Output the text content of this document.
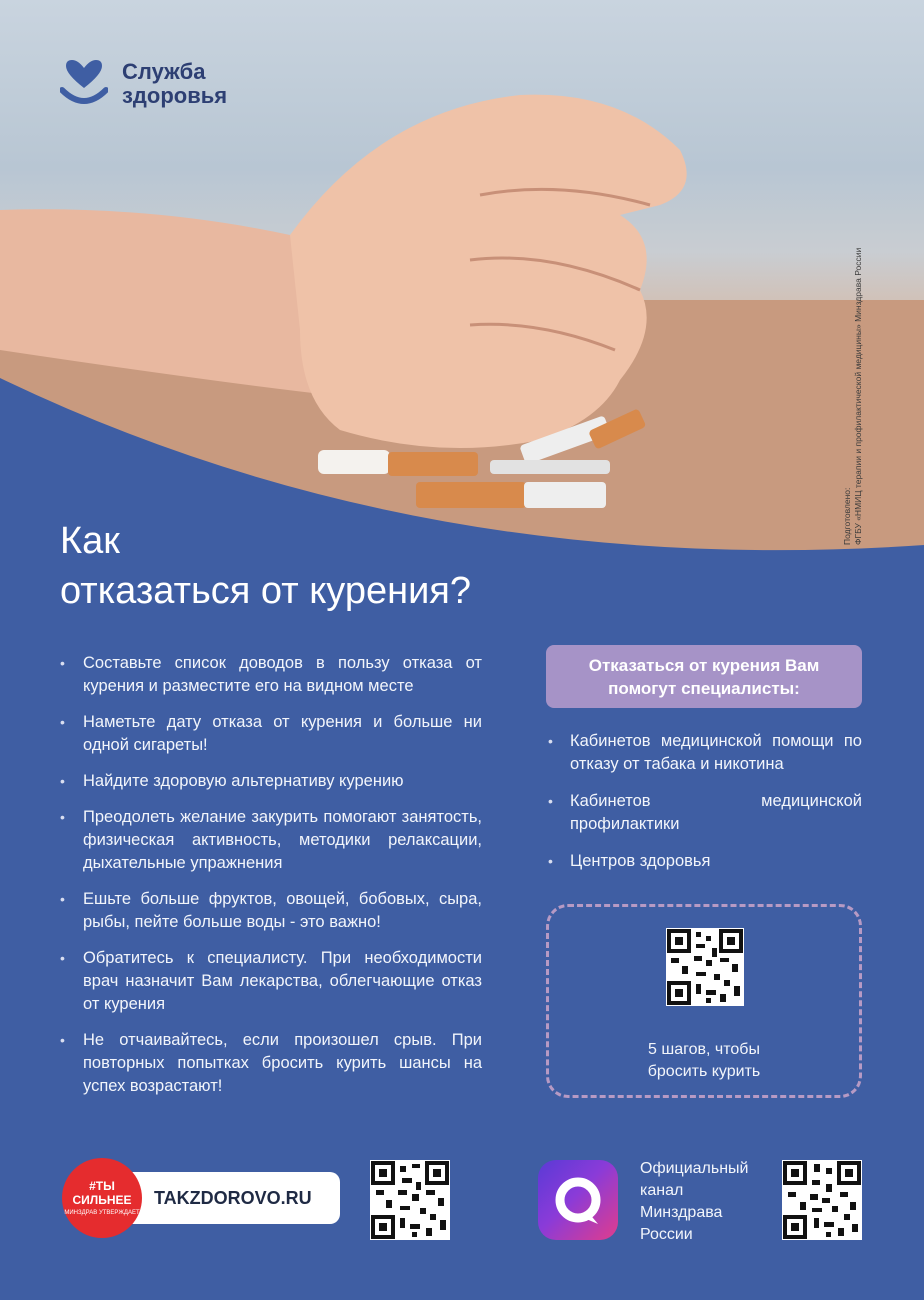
Служба
здоровья
Подготовлено: ФГБУ «НМИЦ терапии и профилактической медицины» Минздрава России
Как
отказаться от курения?
• Составьте список доводов в пользу отказа от курения и разместите его на видном месте
• Наметьте дату отказа от курения и больше ни одной сигареты!
• Найдите здоровую альтернативу курению
• Преодолеть желание закурить помогают занятость, физическая активность, методики релаксации, дыхательные упражнения
• Ешьте больше фруктов, овощей, бобовых, сыра, рыбы, пейте больше воды - это важно!
• Обратитесь к специалисту. При необходимости врач назначит Вам лекарства, облегчающие отказ от курения
• Не отчаивайтесь, если произошел срыв. При повторных попытках бросить курить шансы на успех возрастают!
Отказаться от курения Вам
помогут специалисты:
• Кабинетов медицинской помощи по отказу от табака и никотина
• Кабинетов медицинской профилактики
• Центров здоровья
5 шагов, чтобы
бросить курить
TAKZDOROVO.RU
#ТЫ СИЛЬНЕЕ
МИНЗДРАВ УТВЕРЖДАЕТ
Официальный
канал
Минздрава
России
